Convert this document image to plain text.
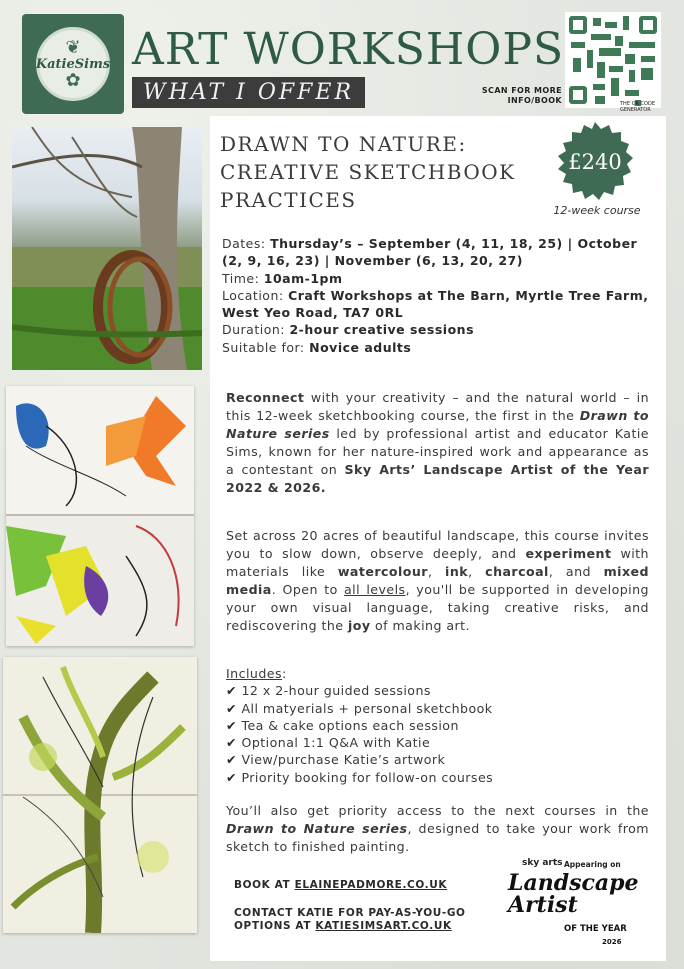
❦
KatieSims
✿
ART WORKSHOPS
WHAT I OFFER	SCAN FOR MORE
INFO/BOOK	THE QR CODE GENERATOR
DRAWN TO NATURE: CREATIVE SKETCHBOOK PRACTICES
£240
12-week course
Dates: Thursday’s – September (4, 11, 18, 25) | October (2, 9, 16, 23) | November (6, 13, 20, 27)
Time: 10am-1pm
Location: Craft Workshops at The Barn, Myrtle Tree Farm, West Yeo Road, TA7 0RL
Duration: 2-hour creative sessions
Suitable for: Novice adults
Reconnect with your creativity – and the natural world – in this 12-week sketchbooking course, the first in the Drawn to Nature series led by professional artist and educator Katie Sims, known for her nature-inspired work and appearance as a contestant on Sky Arts’ Landscape Artist of the Year 2022 & 2026.
Set across 20 acres of beautiful landscape, this course invites you to slow down, observe deeply, and experiment with materials like watercolour, ink, charcoal, and mixed media. Open to all levels, you'll be supported in developing your own visual language, taking creative risks, and rediscovering the joy of making art.
Includes:
✔ 12 x 2-hour guided sessions
✔ All matyerials + personal sketchbook
✔ Tea & cake options each session
✔ Optional 1:1 Q&A with Katie
✔ View/purchase Katie’s artwork
✔ Priority booking for follow-on courses
You’ll also get priority access to the next courses in the Drawn to Nature series, designed to take your work from sketch to finished painting.
BOOK AT ELAINEPADMORE.CO.UK
CONTACT KATIE FOR PAY-AS-YOU-GO
OPTIONS AT KATIESIMSART.CO.UK
sky arts Appearing on
Landscape
Artist
OF THE YEAR
2026
